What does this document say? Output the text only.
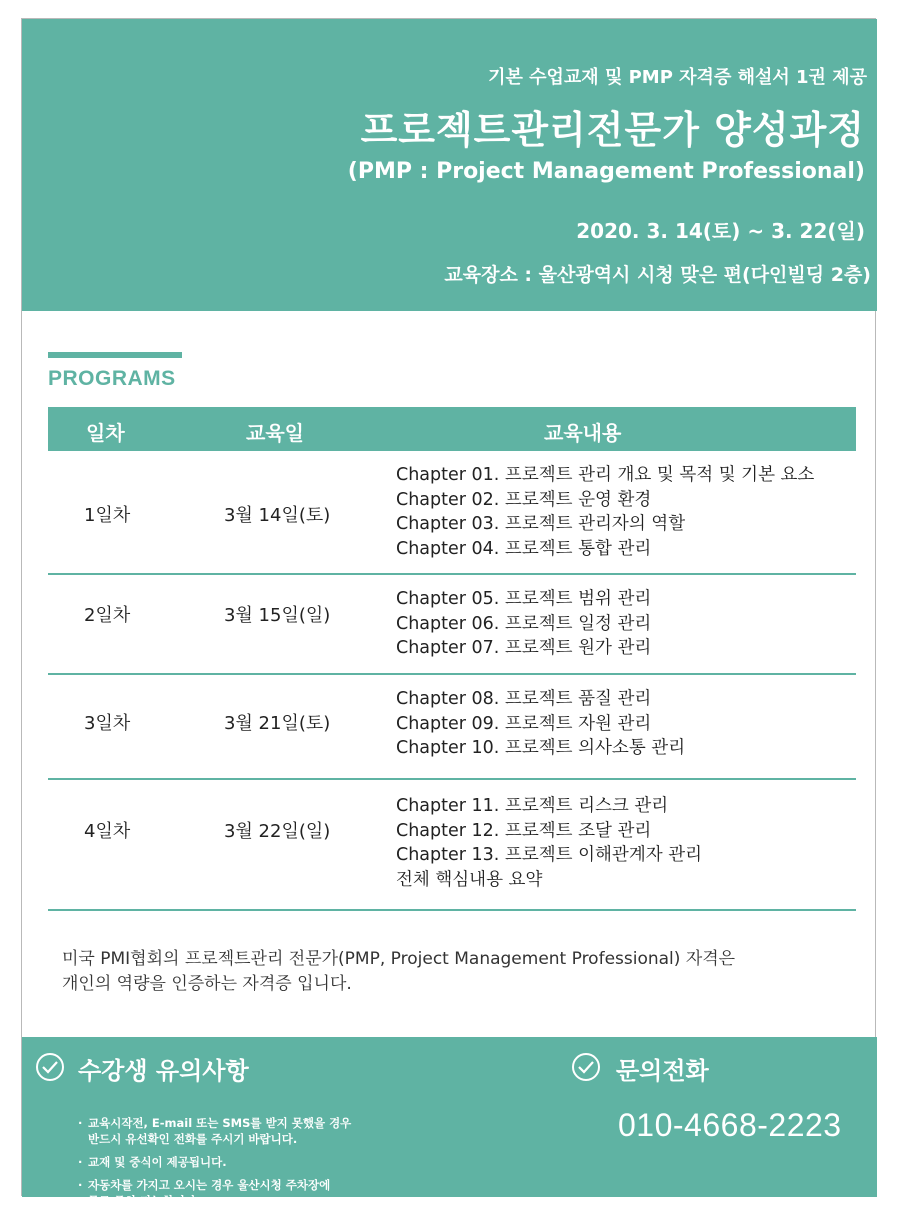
기본 수업교재 및 PMP 자격증 해설서 1권 제공
프로젝트관리전문가 양성과정
(PMP : Project Management Professional)
2020. 3. 14(토) ~ 3. 22(일)
교육장소 : 울산광역시 시청 맞은 편(다인빌딩 2층)
PROGRAMS
일차	교육일	교육내용
1일차	3월 14일(토)
Chapter 01. 프로젝트 관리 개요 및 목적 및 기본 요소
Chapter 02. 프로젝트 운영 환경
Chapter 03. 프로젝트 관리자의 역할
Chapter 04. 프로젝트 통합 관리
2일차	3월 15일(일)
Chapter 05. 프로젝트 범위 관리
Chapter 06. 프로젝트 일정 관리
Chapter 07. 프로젝트 원가 관리
3일차	3월 21일(토)
Chapter 08. 프로젝트 품질 관리
Chapter 09. 프로젝트 자원 관리
Chapter 10. 프로젝트 의사소통 관리
4일차	3월 22일(일)
Chapter 11. 프로젝트 리스크 관리
Chapter 12. 프로젝트 조달 관리
Chapter 13. 프로젝트 이해관계자 관리
전체 핵심내용 요약
미국 PMI협회의 프로젝트관리 전문가(PMP, Project Management Professional) 자격은
개인의 역량을 인증하는 자격증 입니다.
수강생 유의사항
· 교육시작전, E-mail 또는 SMS를 받지 못했을 경우
반드시 유선확인 전화를 주시기 바랍니다.
· 교재 및 중식이 제공됩니다.
· 자동차를 가지고 오시는 경우 울산시청 주차장에
무료 주차 가능합니다.
문의전화
010-4668-2223
